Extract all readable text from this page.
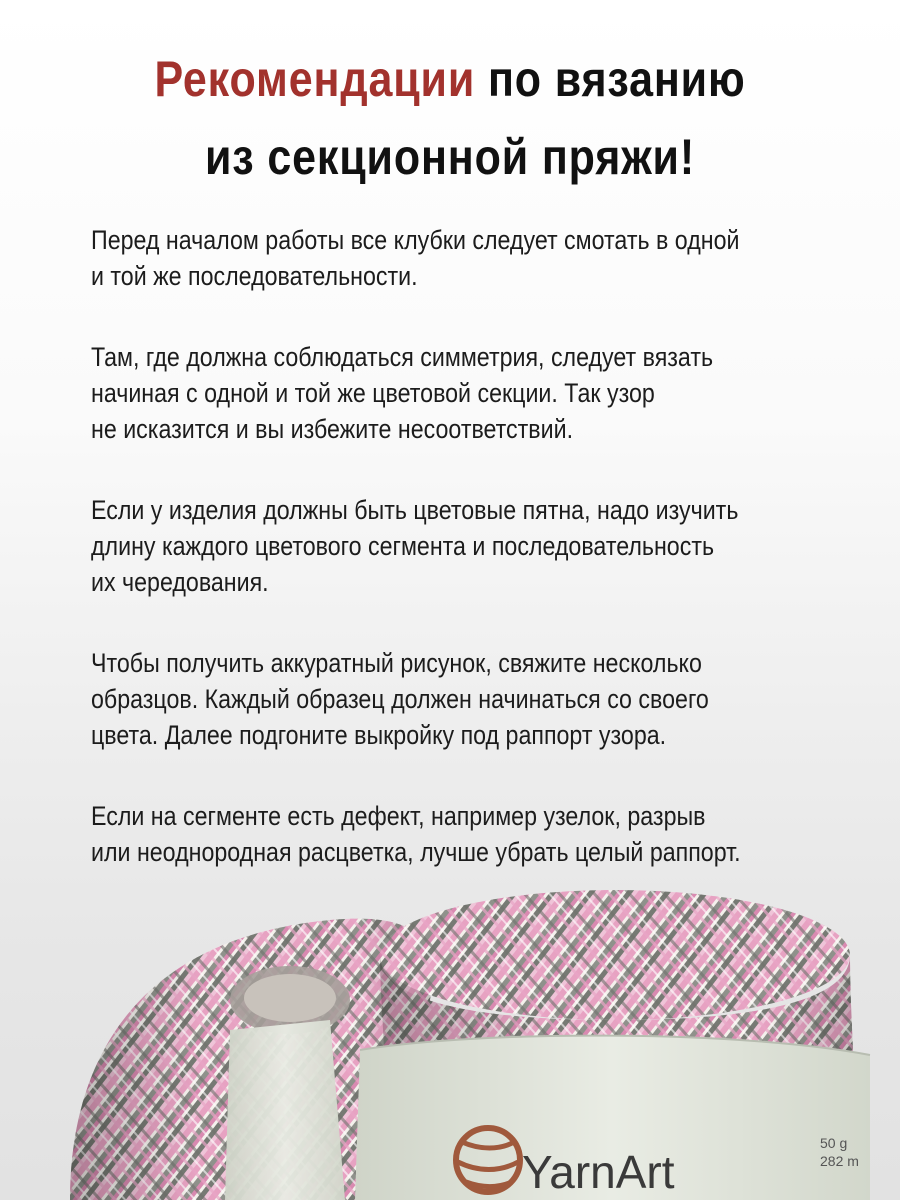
Рекомендации по вязанию
из секционной пряжи!

Перед началом работы все клубки следует смотать в одной
и той же последовательности.

Там, где должна соблюдаться симметрия, следует вязать
начиная с одной и той же цветовой секции. Так узор
не исказится и вы избежите несоответствий.

Если у изделия должны быть цветовые пятна, надо изучить
длину каждого цветового сегмента и последовательность
их чередования.

Чтобы получить аккуратный рисунок, свяжите несколько
образцов. Каждый образец должен начинаться со своего
цвета. Далее подгоните выкройку под раппорт узора.

Если на сегменте есть дефект, например узелок, разрыв
или неоднородная расцветка, лучше убрать целый раппорт.

YarnArt
50 g
282 m
